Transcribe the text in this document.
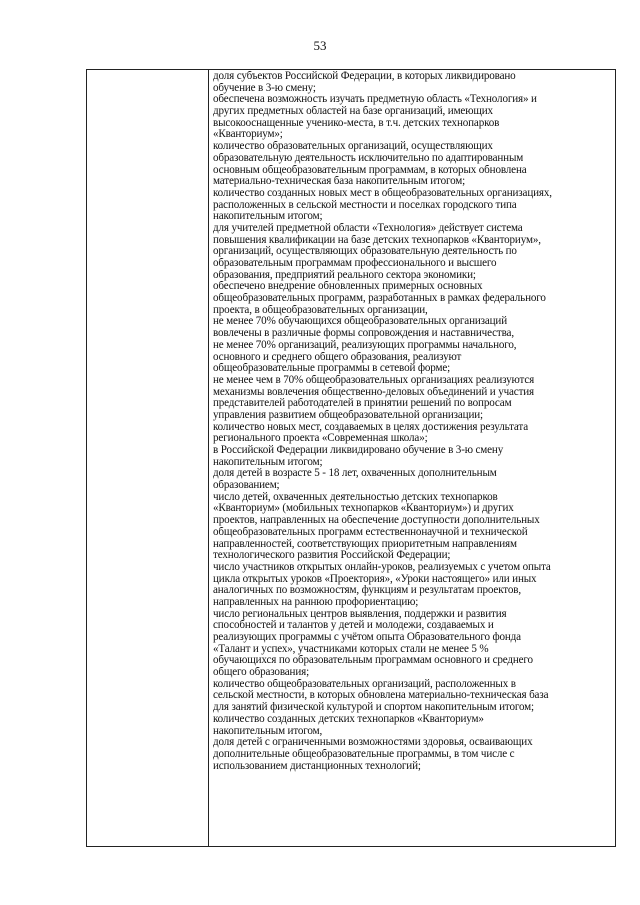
53
доля субъектов Российской Федерации, в которых ликвидировано
обучение в 3-ю смену;
обеспечена возможность изучать предметную область «Технология» и
других предметных областей на базе организаций, имеющих
высокооснащенные ученико-места, в т.ч. детских технопарков
«Кванториум»;
количество образовательных организаций, осуществляющих
образовательную деятельность исключительно по адаптированным
основным общеобразовательным программам, в которых обновлена
материально-техническая база накопительным итогом;
количество созданных новых мест в общеобразовательных организациях,
расположенных в сельской местности и поселках городского типа
накопительным итогом;
для учителей предметной области «Технология» действует система
повышения квалификации на базе детских технопарков «Кванториум»,
организаций, осуществляющих образовательную деятельность по
образовательным программам профессионального и высшего
образования, предприятий реального сектора экономики;
обеспечено внедрение обновленных примерных основных
общеобразовательных программ, разработанных в рамках федерального
проекта, в общеобразовательных организации,
не менее 70% обучающихся общеобразовательных организаций
вовлечены в различные формы сопровождения и наставничества,
не менее 70% организаций, реализующих программы начального,
основного и среднего общего образования, реализуют
общеобразовательные программы в сетевой форме;
не менее чем в 70% общеобразовательных организациях реализуются
механизмы вовлечения общественно-деловых объединений и участия
представителей работодателей в принятии решений по вопросам
управления развитием общеобразовательной организации;
количество новых мест, создаваемых в целях достижения результата
регионального проекта «Современная школа»;
в Российской Федерации ликвидировано обучение в 3-ю смену
накопительным итогом;
доля детей в возрасте 5 - 18 лет, охваченных дополнительным
образованием;
число детей, охваченных деятельностью детских технопарков
«Кванториум» (мобильных технопарков «Кванториум») и других
проектов, направленных на обеспечение доступности дополнительных
общеобразовательных программ естественнонаучной и технической
направленностей, соответствующих приоритетным направлениям
технологического развития Российской Федерации;
число участников открытых онлайн-уроков, реализуемых с учетом опыта
цикла открытых уроков «Проектория», «Уроки настоящего» или иных
аналогичных по возможностям, функциям и результатам проектов,
направленных на раннюю профориентацию;
число региональных центров выявления, поддержки и развития
способностей и талантов у детей и молодежи, создаваемых и
реализующих программы с учётом опыта Образовательного фонда
«Талант и успех», участниками которых стали не менее 5 %
обучающихся по образовательным программам основного и среднего
общего образования;
количество общеобразовательных организаций, расположенных в
сельской местности, в которых обновлена материально-техническая база
для занятий физической культурой и спортом накопительным итогом;
количество созданных детских технопарков «Кванториум»
накопительным итогом,
доля детей с ограниченными возможностями здоровья, осваивающих
дополнительные общеобразовательные программы, в том числе с
использованием дистанционных технологий;
